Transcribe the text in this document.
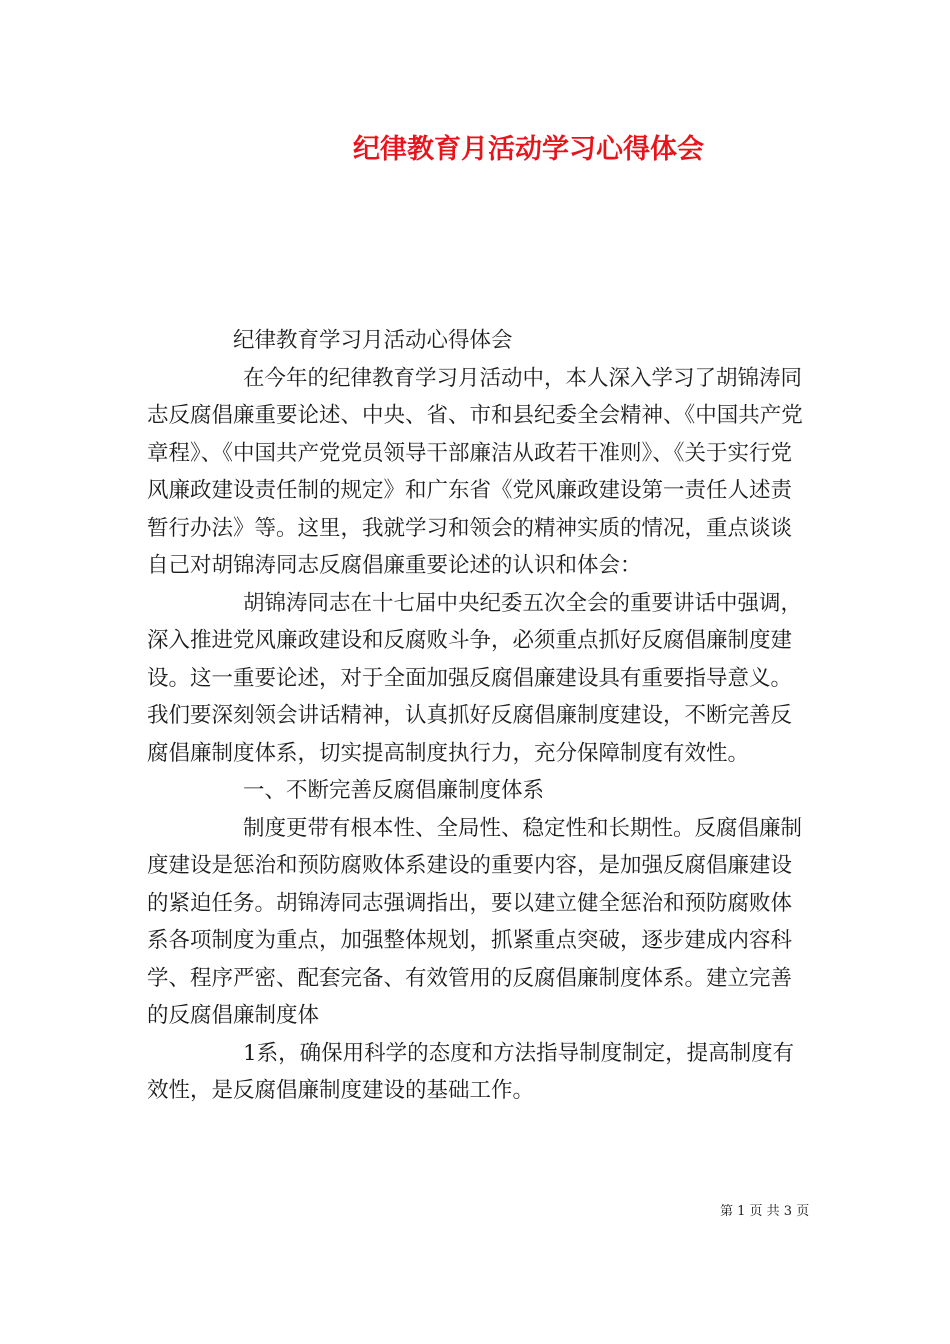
纪律教育月活动学习心得体会

纪律教育学习月活动心得体会

在今年的纪律教育学习月活动中，本人深入学习了胡锦涛同志反腐倡廉重要论述、中央、省、市和县纪委全会精神、《中国共产党章程》、《中国共产党党员领导干部廉洁从政若干准则》、《关于实行党风廉政建设责任制的规定》和广东省《党风廉政建设第一责任人述责暂行办法》等。这里，我就学习和领会的精神实质的情况，重点谈谈自己对胡锦涛同志反腐倡廉重要论述的认识和体会：

胡锦涛同志在十七届中央纪委五次全会的重要讲话中强调，深入推进党风廉政建设和反腐败斗争，必须重点抓好反腐倡廉制度建设。这一重要论述，对于全面加强反腐倡廉建设具有重要指导意义。我们要深刻领会讲话精神，认真抓好反腐倡廉制度建设，不断完善反腐倡廉制度体系，切实提高制度执行力，充分保障制度有效性。

一、不断完善反腐倡廉制度体系

制度更带有根本性、全局性、稳定性和长期性。反腐倡廉制度建设是惩治和预防腐败体系建设的重要内容，是加强反腐倡廉建设的紧迫任务。胡锦涛同志强调指出，要以建立健全惩治和预防腐败体系各项制度为重点，加强整体规划，抓紧重点突破，逐步建成内容科学、程序严密、配套完备、有效管用的反腐倡廉制度体系。建立完善的反腐倡廉制度体

1系，确保用科学的态度和方法指导制度制定，提高制度有效性，是反腐倡廉制度建设的基础工作。

第 1 页 共 3 页
